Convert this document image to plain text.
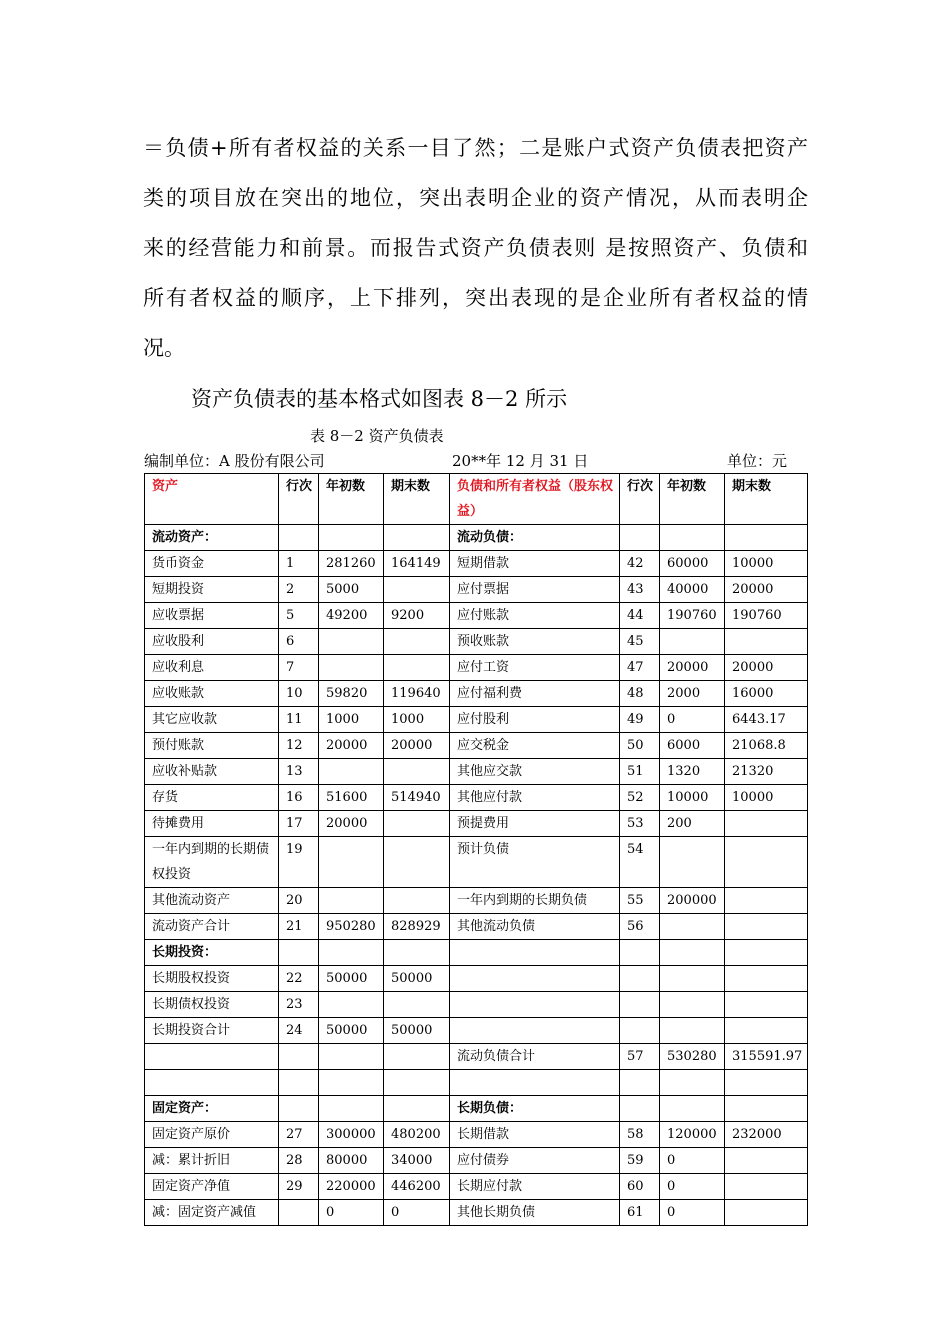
＝负债+所有者权益的关系一目了然；二是账户式资产负债表把资产
类的项目放在突出的地位，突出表明企业的资产情况，从而表明企
来的经营能力和前景。而报告式资产负债表则 是按照资产、负债和
所有者权益的顺序，上下排列，突出表现的是企业所有者权益的情
况。
资产负债表的基本格式如图表 8－2 所示
表 8－2 资产负债表
编制单位：A 股份有限公司	20**年 12 月 31 日	单位：元
资产	行次	年初数	期末数	负债和所有者权益（股东权益）	行次	年初数	期末数
流动资产：				流动负债：			
货币资金	1	281260	164149	短期借款	42	60000	10000
短期投资	2	5000		应付票据	43	40000	20000
应收票据	5	49200	9200	应付账款	44	190760	190760
应收股利	6			预收账款	45		
应收利息	7			应付工资	47	20000	20000
应收账款	10	59820	119640	应付福利费	48	2000	16000
其它应收款	11	1000	1000	应付股利	49	0	6443.17
预付账款	12	20000	20000	应交税金	50	6000	21068.8
应收补贴款	13			其他应交款	51	1320	21320
存货	16	51600	514940	其他应付款	52	10000	10000
待摊费用	17	20000		预提费用	53	200	
一年内到期的长期债权投资	19			预计负债	54		
其他流动资产	20			一年内到期的长期负债	55	200000	
流动资产合计	21	950280	828929	其他流动负债	56		
长期投资：							
长期股权投资	22	50000	50000				
长期债权投资	23						
长期投资合计	24	50000	50000				
				流动负债合计	57	530280	315591.97

固定资产：				长期负债：			
固定资产原价	27	300000	480200	长期借款	58	120000	232000
减：累计折旧	28	80000	34000	应付债券	59	0	
固定资产净值	29	220000	446200	长期应付款	60	0	
减：固定资产减值		0	0	其他长期负债	61	0	
